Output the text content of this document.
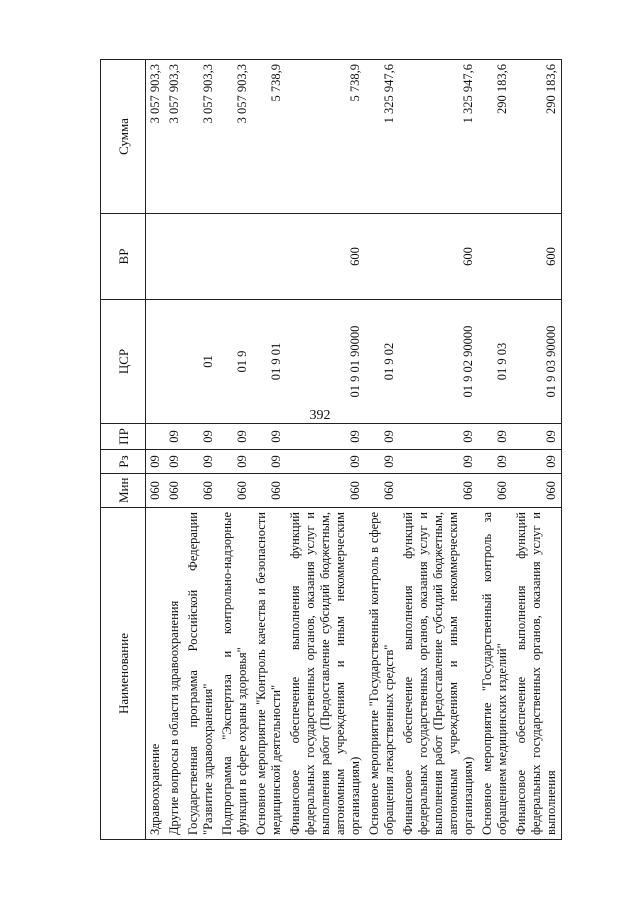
392
Наименование	Мин	Рз	ПР	ЦСР	ВР	Сумма
Здравоохранение	060	09				3 057 903,3
Другие вопросы в области здравоохранения	060	09	09			3 057 903,3
Государственная программа Российской Федерации "Развитие здравоохранения"	060	09	09	01		3 057 903,3
Подпрограмма "Экспертиза и контрольно-надзорные функции в сфере охраны здоровья"	060	09	09	01 9		3 057 903,3
Основное мероприятие "Контроль качества и безопасности медицинской деятельности"	060	09	09	01 9 01		5 738,9
Финансовое обеспечение выполнения функций федеральных государственных органов, оказания услуг и выполнения работ (Предоставление субсидий бюджетным, автономным учреждениям и иным некоммерческим организациям)	060	09	09	01 9 01 90000	600	5 738,9
Основное мероприятие "Государственный контроль в сфере обращения лекарственных средств"	060	09	09	01 9 02		1 325 947,6
Финансовое обеспечение выполнения функций федеральных государственных органов, оказания услуг и выполнения работ (Предоставление субсидий бюджетным, автономным учреждениям и иным некоммерческим организациям)	060	09	09	01 9 02 90000	600	1 325 947,6
Основное мероприятие "Государственный контроль за обращением медицинских изделий"	060	09	09	01 9 03		290 183,6
Финансовое обеспечение выполнения функций федеральных государственных органов, оказания услуг и выполнения	060	09	09	01 9 03 90000	600	290 183,6
